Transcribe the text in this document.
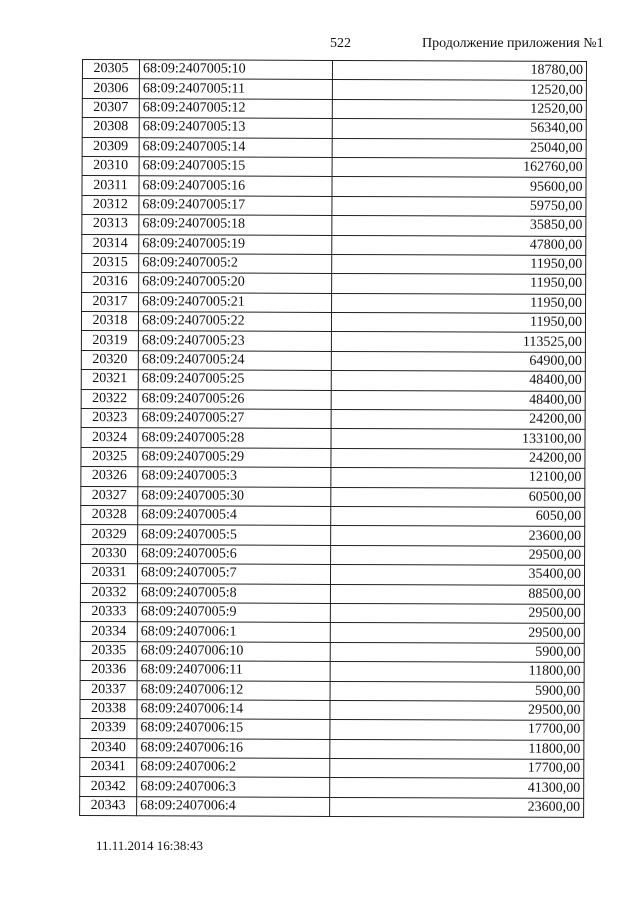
522	Продолжение приложения №1
20305	68:09:2407005:10	18780,00
20306	68:09:2407005:11	12520,00
20307	68:09:2407005:12	12520,00
20308	68:09:2407005:13	56340,00
20309	68:09:2407005:14	25040,00
20310	68:09:2407005:15	162760,00
20311	68:09:2407005:16	95600,00
20312	68:09:2407005:17	59750,00
20313	68:09:2407005:18	35850,00
20314	68:09:2407005:19	47800,00
20315	68:09:2407005:2	11950,00
20316	68:09:2407005:20	11950,00
20317	68:09:2407005:21	11950,00
20318	68:09:2407005:22	11950,00
20319	68:09:2407005:23	113525,00
20320	68:09:2407005:24	64900,00
20321	68:09:2407005:25	48400,00
20322	68:09:2407005:26	48400,00
20323	68:09:2407005:27	24200,00
20324	68:09:2407005:28	133100,00
20325	68:09:2407005:29	24200,00
20326	68:09:2407005:3	12100,00
20327	68:09:2407005:30	60500,00
20328	68:09:2407005:4	6050,00
20329	68:09:2407005:5	23600,00
20330	68:09:2407005:6	29500,00
20331	68:09:2407005:7	35400,00
20332	68:09:2407005:8	88500,00
20333	68:09:2407005:9	29500,00
20334	68:09:2407006:1	29500,00
20335	68:09:2407006:10	5900,00
20336	68:09:2407006:11	11800,00
20337	68:09:2407006:12	5900,00
20338	68:09:2407006:14	29500,00
20339	68:09:2407006:15	17700,00
20340	68:09:2407006:16	11800,00
20341	68:09:2407006:2	17700,00
20342	68:09:2407006:3	41300,00
20343	68:09:2407006:4	23600,00
11.11.2014 16:38:43
